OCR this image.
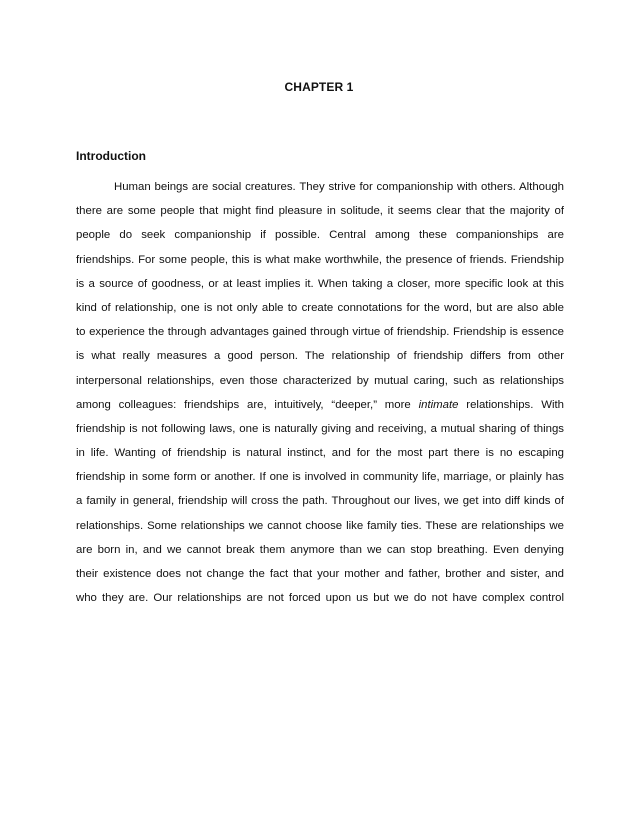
CHAPTER 1
Introduction
Human beings are social creatures. They strive for companionship with others. Although
there are some people that might find pleasure in solitude, it seems clear that the majority of
people do seek companionship if possible. Central among these companionships are
friendships. For some people, this is what make worthwhile, the presence of friends. Friendship
is a source of goodness, or at least implies it. When taking a closer, more specific look at this
kind of relationship, one is not only able to create connotations for the word, but are also able
to experience the through advantages gained through virtue of friendship. Friendship is essence
is what really measures a good person. The relationship of friendship differs from other
interpersonal relationships, even those characterized by mutual caring, such as relationships
among colleagues: friendships are, intuitively, “deeper,” more intimate relationships. With
friendship is not following laws, one is naturally giving and receiving, a mutual sharing of things
in life. Wanting of friendship is natural instinct, and for the most part there is no escaping
friendship in some form or another. If one is involved in community life, marriage, or plainly has
a family in general, friendship will cross the path. Throughout our lives, we get into diff kinds of
relationships. Some relationships we cannot choose like family ties. These are relationships we
are born in, and we cannot break them anymore than we can stop breathing. Even denying
their existence does not change the fact that your mother and father, brother and sister, and
who they are. Our relationships are not forced upon us but we do not have complex control
